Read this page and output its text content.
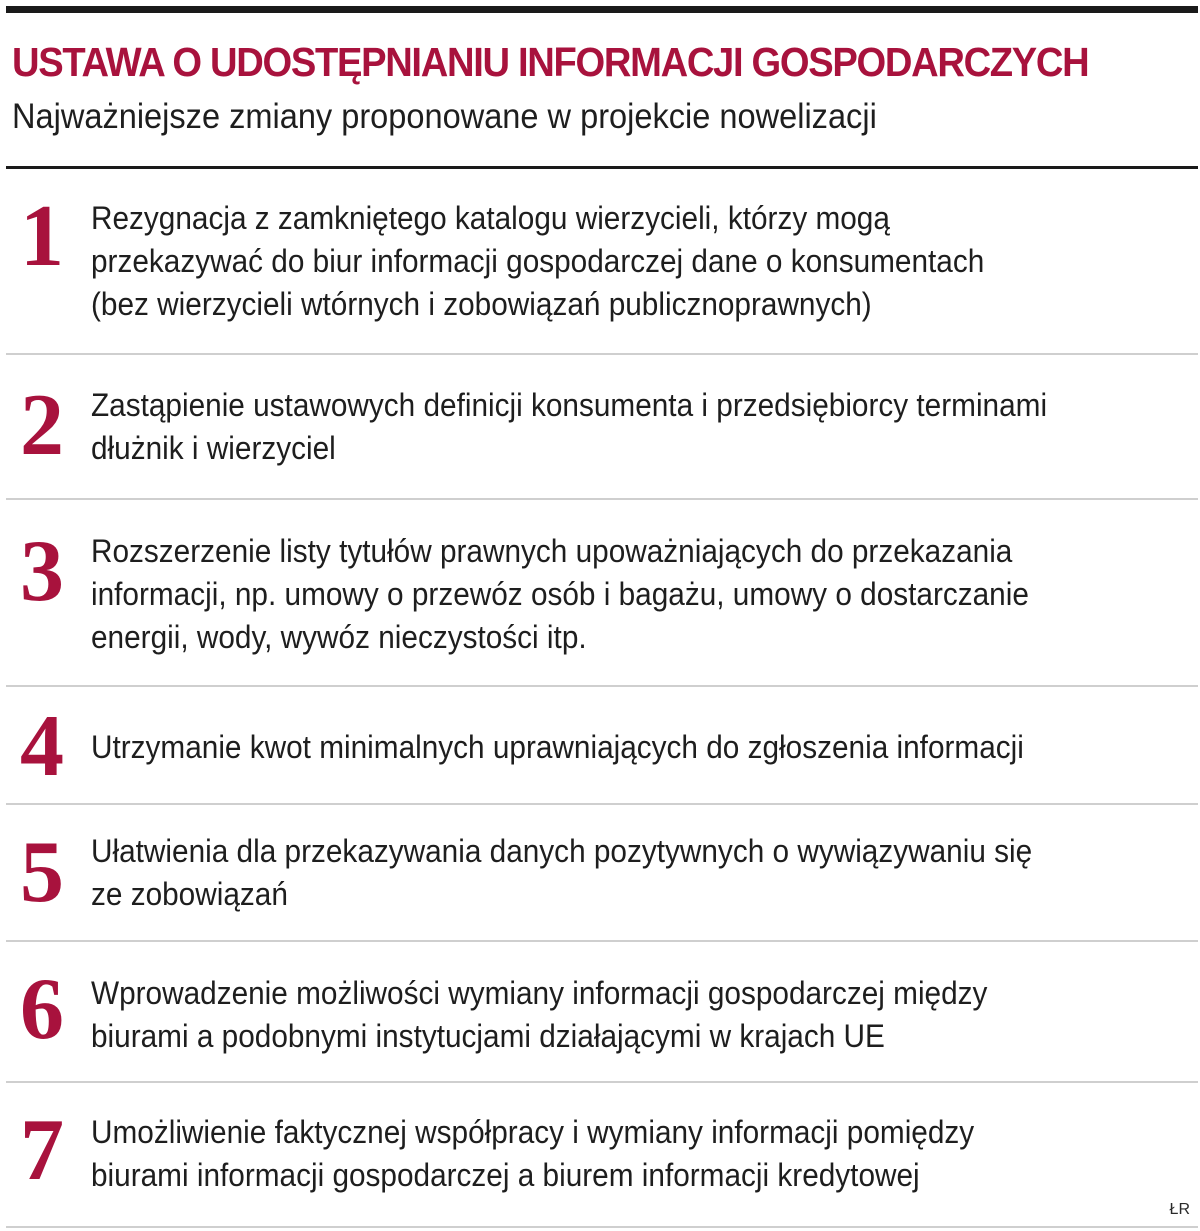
USTAWA O UDOSTĘPNIANIU INFORMACJI GOSPODARCZYCH

Najważniejsze zmiany proponowane w projekcie nowelizacji

1 Rezygnacja z zamkniętego katalogu wierzycieli, którzy mogą
przekazywać do biur informacji gospodarczej dane o konsumentach
(bez wierzycieli wtórnych i zobowiązań publicznoprawnych)

2 Zastąpienie ustawowych definicji konsumenta i przedsiębiorcy terminami
dłużnik i wierzyciel

3 Rozszerzenie listy tytułów prawnych upoważniających do przekazania
informacji, np. umowy o przewóz osób i bagażu, umowy o dostarczanie
energii, wody, wywóz nieczystości itp.

4 Utrzymanie kwot minimalnych uprawniających do zgłoszenia informacji

5 Ułatwienia dla przekazywania danych pozytywnych o wywiązywaniu się
ze zobowiązań

6 Wprowadzenie możliwości wymiany informacji gospodarczej między
biurami a podobnymi instytucjami działającymi w krajach UE

7 Umożliwienie faktycznej współpracy i wymiany informacji pomiędzy
biurami informacji gospodarczej a biurem informacji kredytowej

ŁR
